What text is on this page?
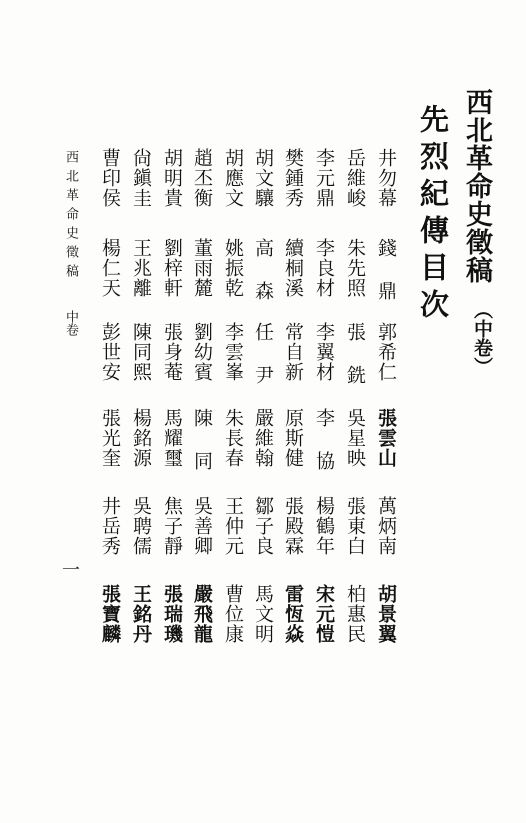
西北革命史徵稿
（中卷）
先烈紀傳目次
井勿幕
錢 鼎
郭希仁
張雲山
萬炳南
胡景翼
岳維峻
朱先照
張 銑
吳星映
張東白
柏惠民
李元鼎
李良材
李翼材
李 協
楊鶴年
宋元愷
樊鍾秀
續桐溪
常自新
原斯健
張殿霖
雷恆焱
胡文驤
高 森
任 尹
嚴維翰
鄒子良
馬文明
胡應文
姚振乾
李雲峯
朱長春
王仲元
曹位康
趙丕衡
董雨麓
劉幼賓
陳 同
吳善卿
嚴飛龍
胡明貴
劉梓軒
張身菴
馬耀璽
焦子靜
張瑞璣
尙鎭圭
王兆離
陳同熙
楊銘源
吳聘儒
王銘丹
曹印侯
楊仁天
彭世安
張光奎
井岳秀
張寶麟
西北革命史徵稿
中卷
一
